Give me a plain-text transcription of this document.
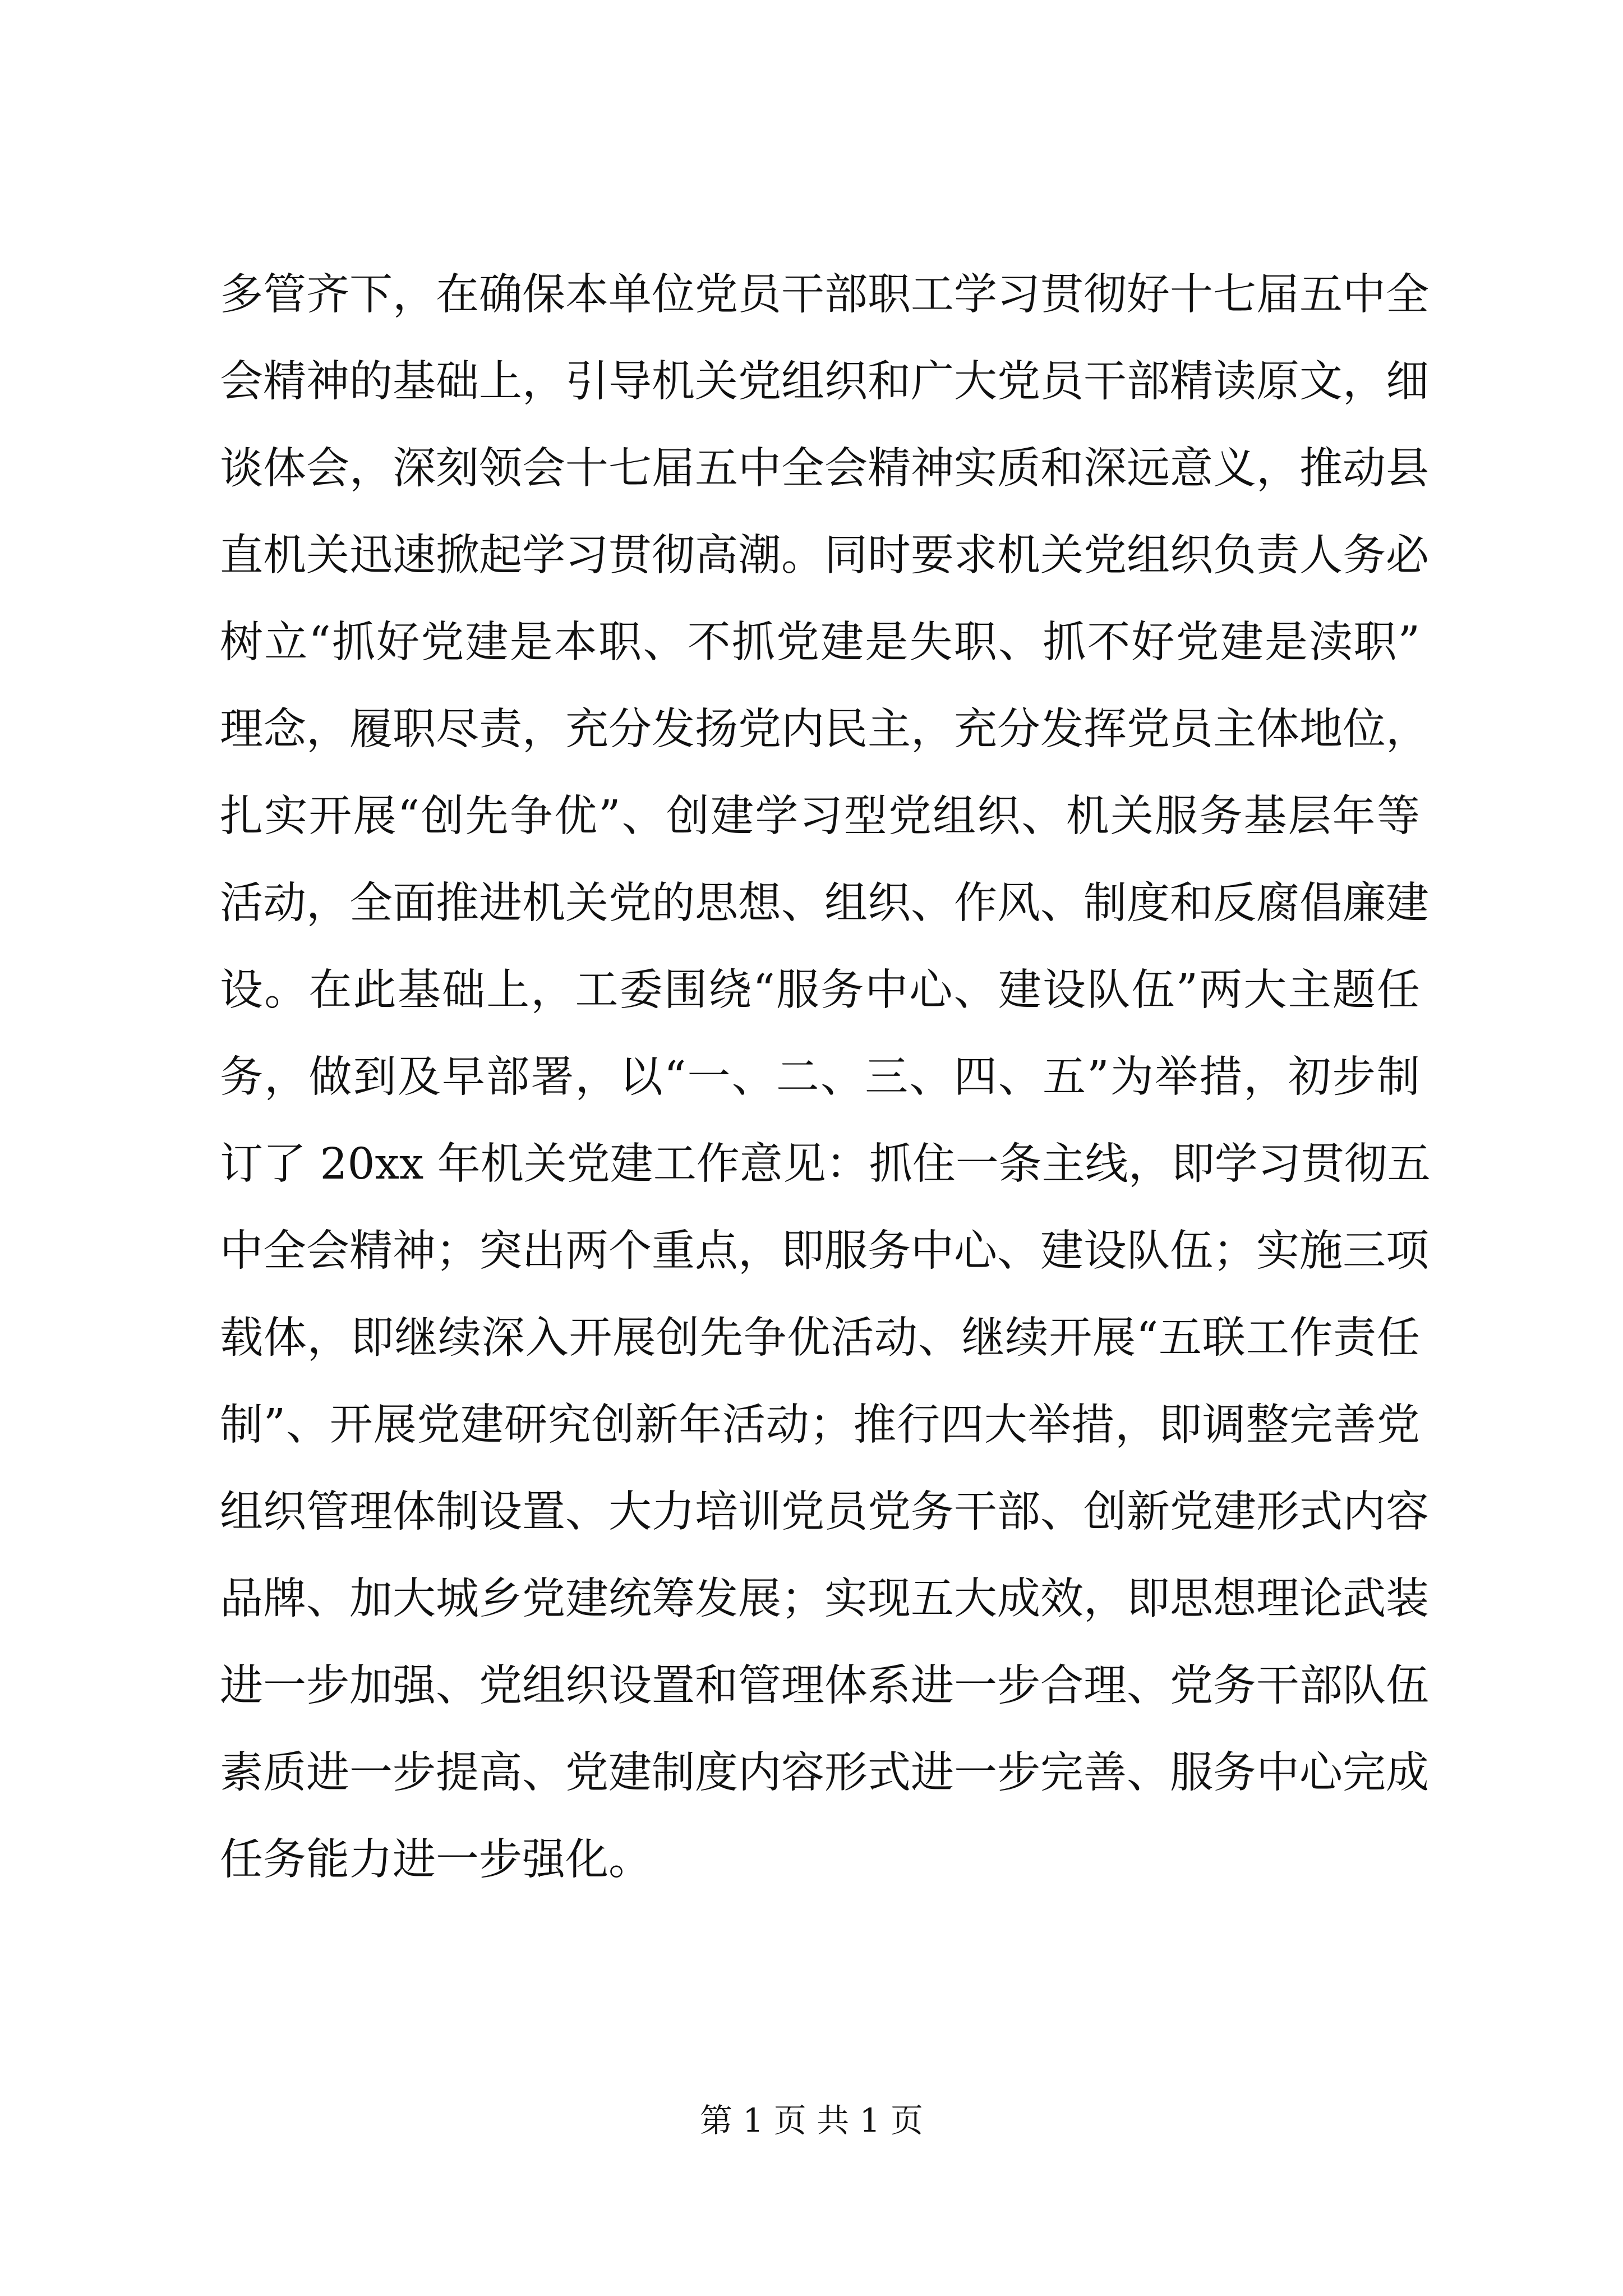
多管齐下，在确保本单位党员干部职工学习贯彻好十七届五中全
会精神的基础上，引导机关党组织和广大党员干部精读原文，细
谈体会，深刻领会十七届五中全会精神实质和深远意义，推动县
直机关迅速掀起学习贯彻高潮。同时要求机关党组织负责人务必
树立“抓好党建是本职、不抓党建是失职、抓不好党建是渎职”
理念，履职尽责，充分发扬党内民主，充分发挥党员主体地位，
扎实开展“创先争优”、创建学习型党组织、机关服务基层年等
活动，全面推进机关党的思想、组织、作风、制度和反腐倡廉建
设。在此基础上，工委围绕“服务中心、建设队伍”两大主题任
务，做到及早部署，以“一、二、三、四、五”为举措，初步制
订了 20xx 年机关党建工作意见：抓住一条主线，即学习贯彻五
中全会精神；突出两个重点，即服务中心、建设队伍；实施三项
载体，即继续深入开展创先争优活动、继续开展“五联工作责任
制”、开展党建研究创新年活动；推行四大举措，即调整完善党
组织管理体制设置、大力培训党员党务干部、创新党建形式内容
品牌、加大城乡党建统筹发展；实现五大成效，即思想理论武装
进一步加强、党组织设置和管理体系进一步合理、党务干部队伍
素质进一步提高、党建制度内容形式进一步完善、服务中心完成
任务能力进一步强化。
第 1 页 共 1 页
